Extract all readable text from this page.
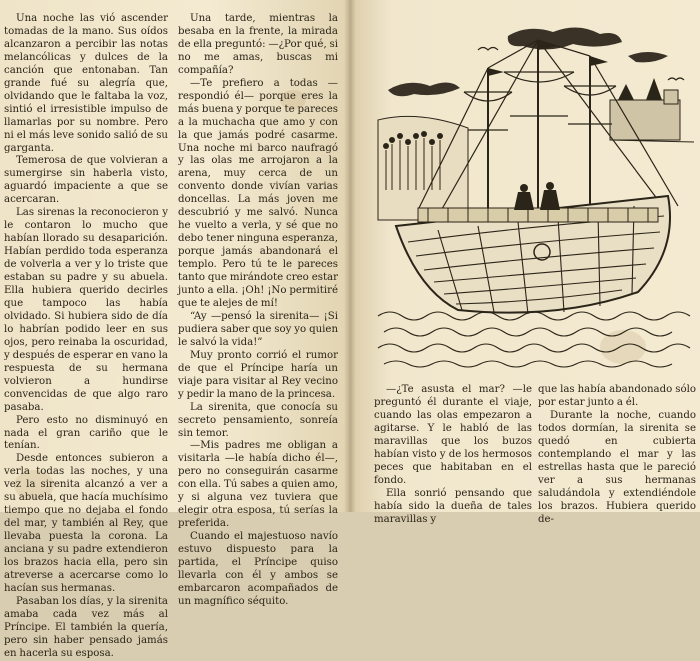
Una noche las vió ascender tomadas de la mano. Sus oídos alcanzaron a percibir las notas melancólicas y dulces de la canción que entonaban. Tan grande fué su alegría que, olvidando que le faltaba la voz, sintió el irresistible impulso de llamarlas por su nombre. Pero ni el más leve sonido salió de su garganta.

Temerosa de que volvieran a sumergirse sin haberla visto, aguardó impaciente a que se acercaran.

Las sirenas la reconocieron y le contaron lo mucho que habían llorado su desaparición. Habían perdido toda esperanza de volverla a ver y lo triste que estaban su padre y su abuela. Ella hubiera querido decirles que tampoco las había olvidado. Si hubiera sido de día lo habrían podido leer en sus ojos, pero reinaba la oscuridad, y después de esperar en vano la respuesta de su hermana volvieron a hundirse convencidas de que algo raro pasaba.

Pero esto no disminuyó en nada el gran cariño que le tenían.

Desde entonces subieron a verla todas las noches, y una vez la sirenita alcanzó a ver a su abuela, que hacía muchísimo tiempo que no dejaba el fondo del mar, y también al Rey, que llevaba puesta la corona. La anciana y su padre extendieron los brazos hacia ella, pero sin atreverse a acercarse como lo hacían sus hermanas.

Pasaban los días, y la sirenita amaba cada vez más al Príncipe. El también la quería, pero sin haber pensado jamás en hacerla su esposa.

Una tarde, mientras la besaba en la frente, la mirada de ella preguntó: —¿Por qué, si no me amas, buscas mi compañía?

—Te prefiero a todas —respondió él— porque eres la más buena y porque te pareces a la muchacha que amo y con la que jamás podré casarme. Una noche mi barco naufragó y las olas me arrojaron a la arena, muy cerca de un convento donde vivían varias doncellas. La más joven me descubrió y me salvó. Nunca he vuelto a verla, y sé que no debo tener ninguna esperanza, porque jamás abandonará el templo. Pero tú te le pareces tanto que mirándote creo estar junto a ella. ¡Oh! ¡No permitiré que te alejes de mí!

“Ay —pensó la sirenita— ¡Si pudiera saber que soy yo quien le salvó la vida!”

Muy pronto corrió el rumor de que el Príncipe haría un viaje para visitar al Rey vecino y pedir la mano de la princesa.

La sirenita, que conocía su secreto pensamiento, sonreía sin temor.

—Mis padres me obligan a visitarla —le había dicho él—, pero no conseguirán casarme con ella. Tú sabes a quien amo, y si alguna vez tuviera que elegir otra esposa, tú serías la preferida.

Cuando el majestuoso navío estuvo dispuesto para la partida, el Príncipe quiso llevarla con él y ambos se embarcaron acompañados de un magnífico séquito.

—¿Te asusta el mar? —le preguntó él durante el viaje, cuando las olas empezaron a agitarse. Y le habló de las maravillas que los buzos habían visto y de los hermosos peces que habitaban en el fondo.

Ella sonrió pensando que había sido la dueña de tales maravillas y

que las había abandonado sólo por estar junto a él.

Durante la noche, cuando todos dormían, la sirenita se quedó en cubierta contemplando el mar y las estrellas hasta que le pareció ver a sus hermanas saludándola y extendiéndole los brazos. Hubiera querido de-
